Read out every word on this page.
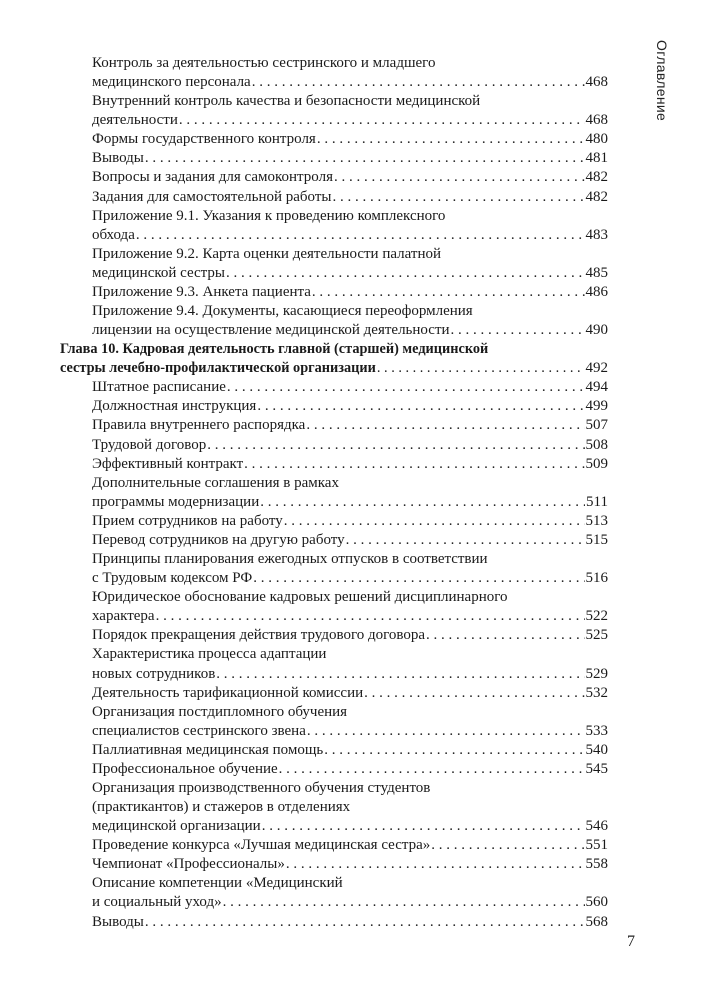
Оглавление
Контроль за деятельностью сестринского и младшего
медицинского персонала . . .	468
Внутренний контроль качества и безопасности медицинской
деятельности . . .	468
Формы государственного контроля . . .	480
Выводы . . .	481
Вопросы и задания для самоконтроля . . .	482
Задания для самостоятельной работы . . .	482
Приложение 9.1. Указания к проведению комплексного
обхода . . .	483
Приложение 9.2. Карта оценки деятельности палатной
медицинской сестры . . .	485
Приложение 9.3. Анкета пациента . . .	486
Приложение 9.4. Документы, касающиеся переоформления
лицензии на осуществление медицинской деятельности . . .	490
Глава 10. Кадровая деятельность главной (старшей) медицинской
сестры лечебно-профилактической организации . . .	492
Штатное расписание . . .	494
Должностная инструкция . . .	499
Правила внутреннего распорядка . . .	507
Трудовой договор . . .	508
Эффективный контракт . . .	509
Дополнительные соглашения в рамках
программы модернизации . . .	511
Прием сотрудников на работу . . .	513
Перевод сотрудников на другую работу . . .	515
Принципы планирования ежегодных отпусков в соответствии
с Трудовым кодексом РФ . . .	516
Юридическое обоснование кадровых решений дисциплинарного
характера . . .	522
Порядок прекращения действия трудового договора . . .	525
Характеристика процесса адаптации
новых сотрудников . . .	529
Деятельность тарификационной комиссии . . .	532
Организация постдипломного обучения
специалистов сестринского звена . . .	533
Паллиативная медицинская помощь . . .	540
Профессиональное обучение . . .	545
Организация производственного обучения студентов
(практикантов) и стажеров в отделениях
медицинской организации . . .	546
Проведение конкурса «Лучшая медицинская сестра» . . .	551
Чемпионат «Профессионалы» . . .	558
Описание компетенции «Медицинский
и социальный уход» . . .	560
Выводы . . .	568
7
